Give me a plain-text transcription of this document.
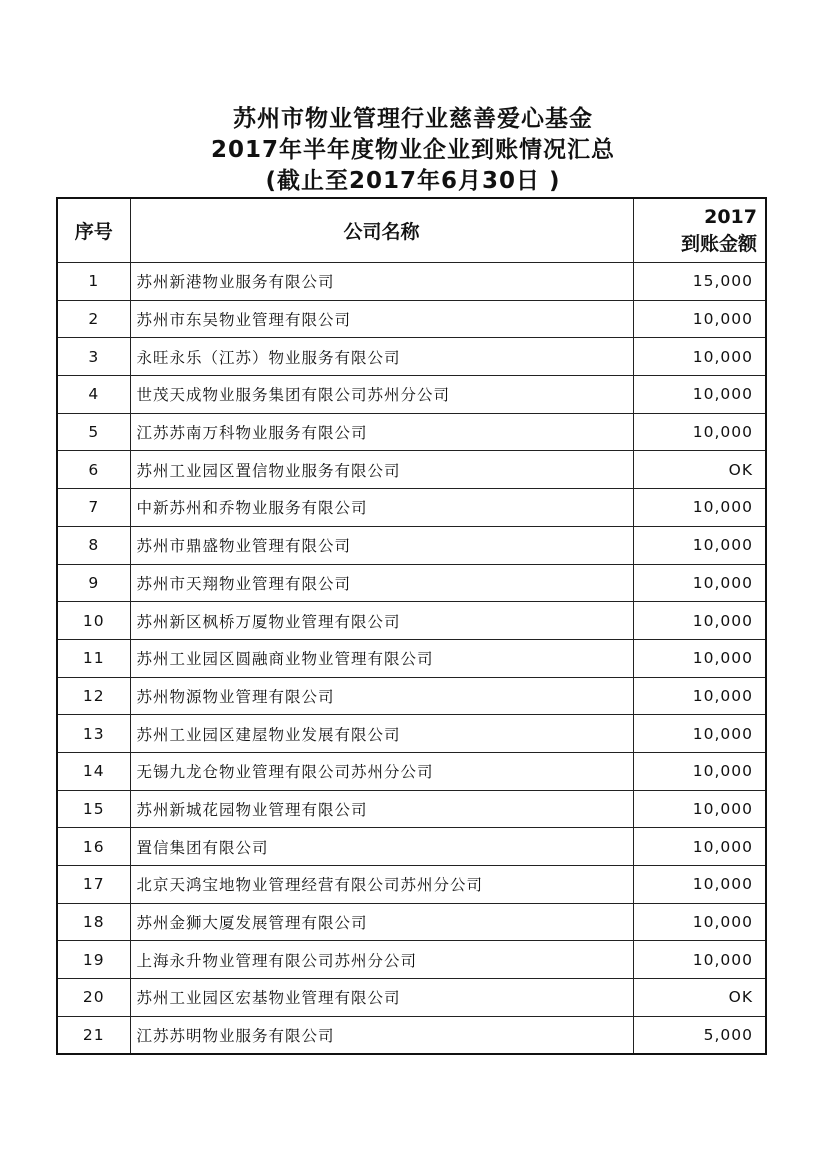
苏州市物业管理行业慈善爱心基金
2017年半年度物业企业到账情况汇总
(截止至2017年6月30日 )
序号	公司名称	2017
到账金额
1	苏州新港物业服务有限公司	15,000
2	苏州市东吴物业管理有限公司	10,000
3	永旺永乐（江苏）物业服务有限公司	10,000
4	世茂天成物业服务集团有限公司苏州分公司	10,000
5	江苏苏南万科物业服务有限公司	10,000
6	苏州工业园区置信物业服务有限公司	OK
7	中新苏州和乔物业服务有限公司	10,000
8	苏州市鼎盛物业管理有限公司	10,000
9	苏州市天翔物业管理有限公司	10,000
10	苏州新区枫桥万厦物业管理有限公司	10,000
11	苏州工业园区圆融商业物业管理有限公司	10,000
12	苏州物源物业管理有限公司	10,000
13	苏州工业园区建屋物业发展有限公司	10,000
14	无锡九龙仓物业管理有限公司苏州分公司	10,000
15	苏州新城花园物业管理有限公司	10,000
16	置信集团有限公司	10,000
17	北京天鸿宝地物业管理经营有限公司苏州分公司	10,000
18	苏州金狮大厦发展管理有限公司	10,000
19	上海永升物业管理有限公司苏州分公司	10,000
20	苏州工业园区宏基物业管理有限公司	OK
21	江苏苏明物业服务有限公司	5,000
